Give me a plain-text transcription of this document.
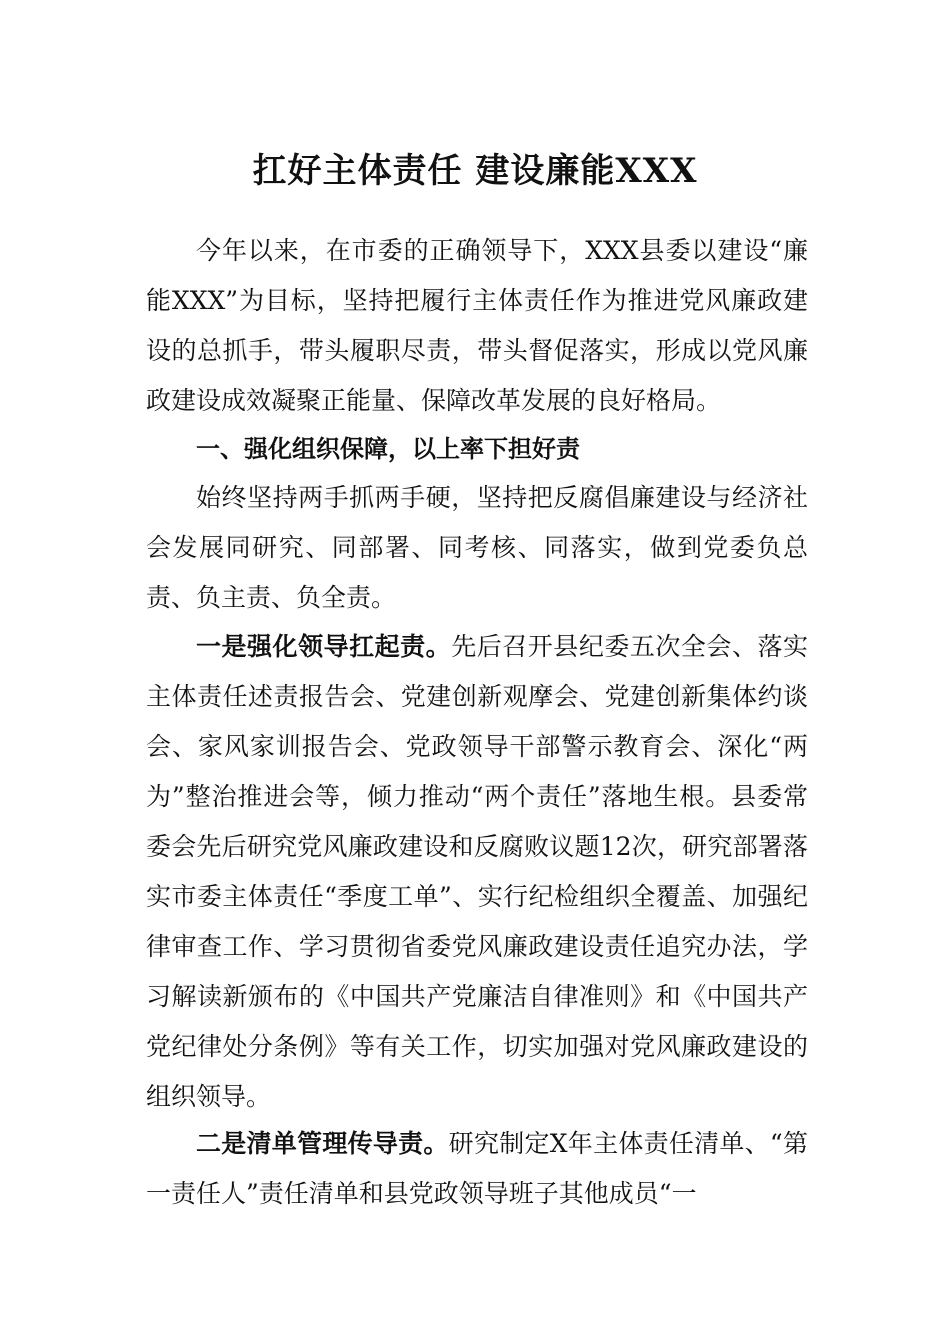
扛好主体责任 建设廉能XXX

今年以来，在市委的正确领导下，XXX县委以建设“廉能XXX”为目标，坚持把履行主体责任作为推进党风廉政建设的总抓手，带头履职尽责，带头督促落实，形成以党风廉政建设成效凝聚正能量、保障改革发展的良好格局。

一、强化组织保障，以上率下担好责

始终坚持两手抓两手硬，坚持把反腐倡廉建设与经济社会发展同研究、同部署、同考核、同落实，做到党委负总责、负主责、负全责。

一是强化领导扛起责。先后召开县纪委五次全会、落实主体责任述责报告会、党建创新观摩会、党建创新集体约谈会、家风家训报告会、党政领导干部警示教育会、深化“两为”整治推进会等，倾力推动“两个责任”落地生根。县委常委会先后研究党风廉政建设和反腐败议题12次，研究部署落实市委主体责任“季度工单”、实行纪检组织全覆盖、加强纪律审查工作、学习贯彻省委党风廉政建设责任追究办法，学习解读新颁布的《中国共产党廉洁自律准则》和《中国共产党纪律处分条例》等有关工作，切实加强对党风廉政建设的组织领导。

二是清单管理传导责。研究制定X年主体责任清单、“第一责任人”责任清单和县党政领导班子其他成员“一
